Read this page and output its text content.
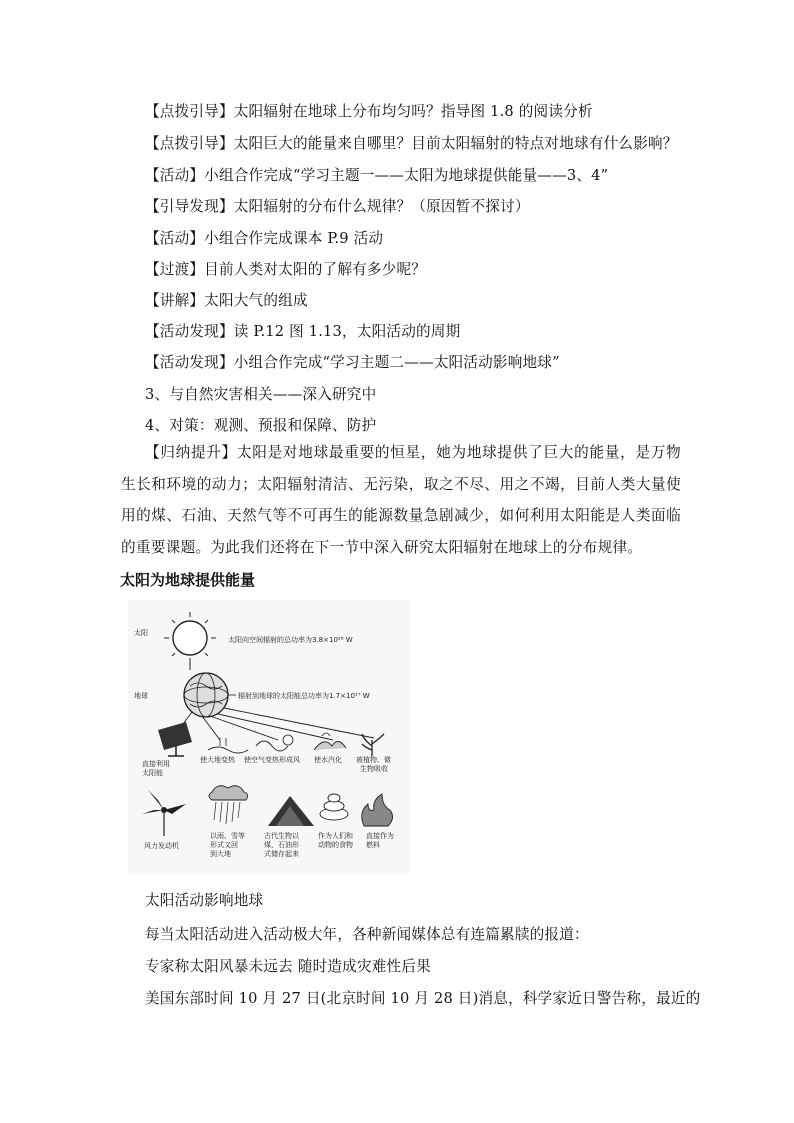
【点拨引导】太阳辐射在地球上分布均匀吗？指导图 1.8 的阅读分析
【点拨引导】太阳巨大的能量来自哪里？目前太阳辐射的特点对地球有什么影响？
【活动】小组合作完成“学习主题一——太阳为地球提供能量——3、4”
【引导发现】太阳辐射的分布什么规律？（原因暂不探讨）
【活动】小组合作完成课本 P.9 活动
【过渡】目前人类对太阳的了解有多少呢？
【讲解】太阳大气的组成
【活动发现】读 P.12 图 1.13，太阳活动的周期
【活动发现】小组合作完成“学习主题二——太阳活动影响地球”
3、与自然灾害相关——深入研究中
4、对策：观测、预报和保障、防护
【归纳提升】太阳是对地球最重要的恒星，她为地球提供了巨大的能量，是万物生长和环境的动力；太阳辐射清洁、无污染，取之不尽、用之不竭，目前人类大量使用的煤、石油、天然气等不可再生的能源数量急剧减少，如何利用太阳能是人类面临的重要课题。为此我们还将在下一节中深入研究太阳辐射在地球上的分布规律。
太阳为地球提供能量
太阳
太阳向空间辐射的总功率为3.8×10²⁶ W
地球	辐射到地球的太阳能总功率为1.7×10¹⁷ W
直接利用
太阳能
使大地变热 使空气变热形成风 使水汽化 被植物、微
生物吸收
风力发动机
以雨、雪等
形式又回
到大地
古代生物以
煤、石油形
式储存起来
作为人们和
动物的食物
直接作为
燃料
太阳活动影响地球
每当太阳活动进入活动极大年，各种新闻媒体总有连篇累牍的报道：
专家称太阳风暴未远去 随时造成灾难性后果
美国东部时间 10 月 27 日(北京时间 10 月 28 日)消息，科学家近日警告称，最近的
